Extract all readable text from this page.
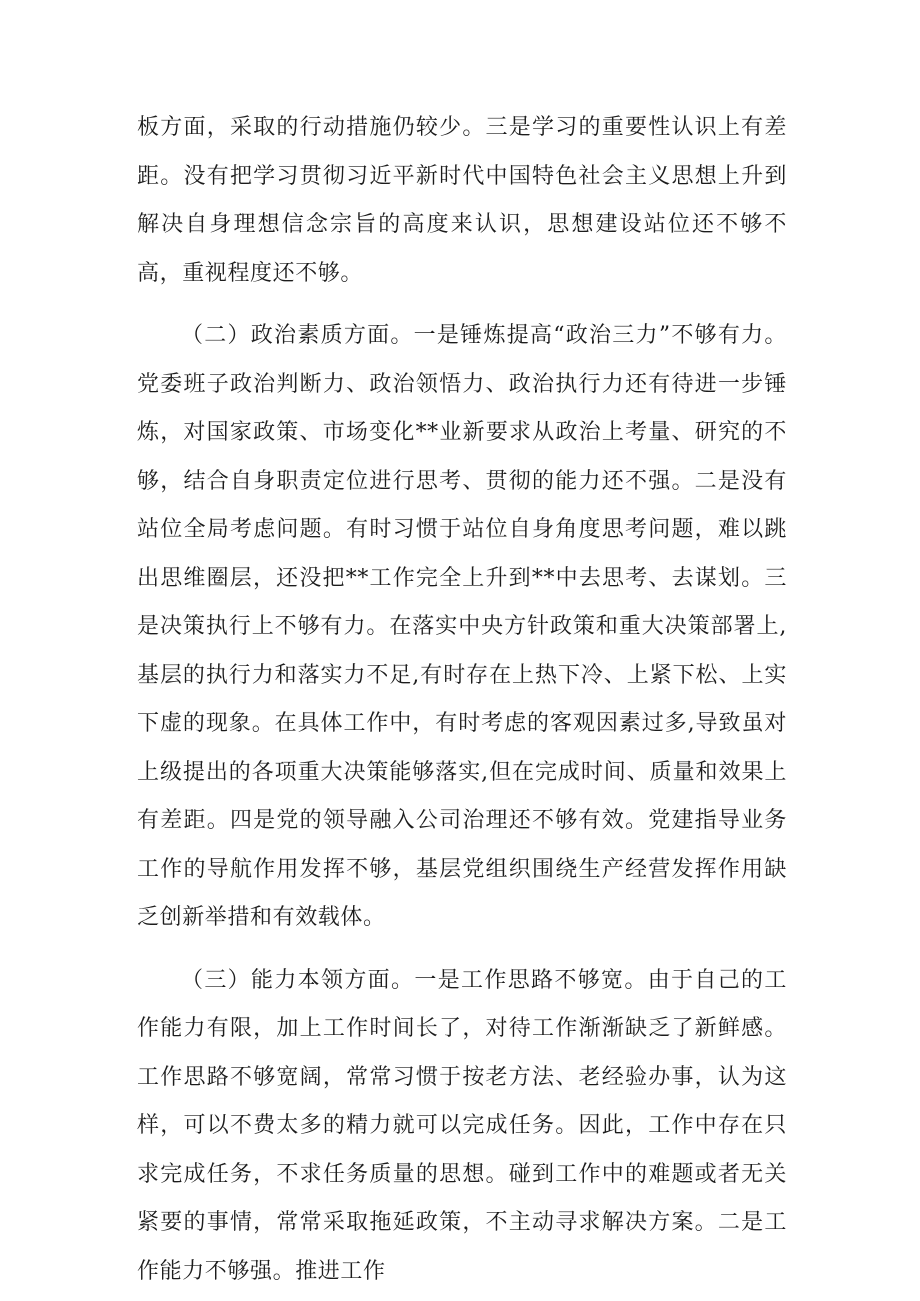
板方面，采取的行动措施仍较少。三是学习的重要性认识上有差距。没有把学习贯彻习近平新时代中国特色社会主义思想上升到解决自身理想信念宗旨的高度来认识，思想建设站位还不够不高，重视程度还不够。

（二）政治素质方面。一是锤炼提高“政治三力”不够有力。党委班子政治判断力、政治领悟力、政治执行力还有待进一步锤炼，对国家政策、市场变化**业新要求从政治上考量、研究的不够，结合自身职责定位进行思考、贯彻的能力还不强。二是没有站位全局考虑问题。有时习惯于站位自身角度思考问题，难以跳出思维圈层，还没把**工作完全上升到**中去思考、去谋划。三是决策执行上不够有力。在落实中央方针政策和重大决策部署上,基层的执行力和落实力不足,有时存在上热下冷、上紧下松、上实下虚的现象。在具体工作中，有时考虑的客观因素过多,导致虽对上级提出的各项重大决策能够落实,但在完成时间、质量和效果上有差距。四是党的领导融入公司治理还不够有效。党建指导业务工作的导航作用发挥不够，基层党组织围绕生产经营发挥作用缺乏创新举措和有效载体。

（三）能力本领方面。一是工作思路不够宽。由于自己的工作能力有限，加上工作时间长了，对待工作渐渐缺乏了新鲜感。工作思路不够宽阔，常常习惯于按老方法、老经验办事，认为这样，可以不费太多的精力就可以完成任务。因此，工作中存在只求完成任务，不求任务质量的思想。碰到工作中的难题或者无关紧要的事情，常常采取拖延政策，不主动寻求解决方案。二是工作能力不够强。推进工作
